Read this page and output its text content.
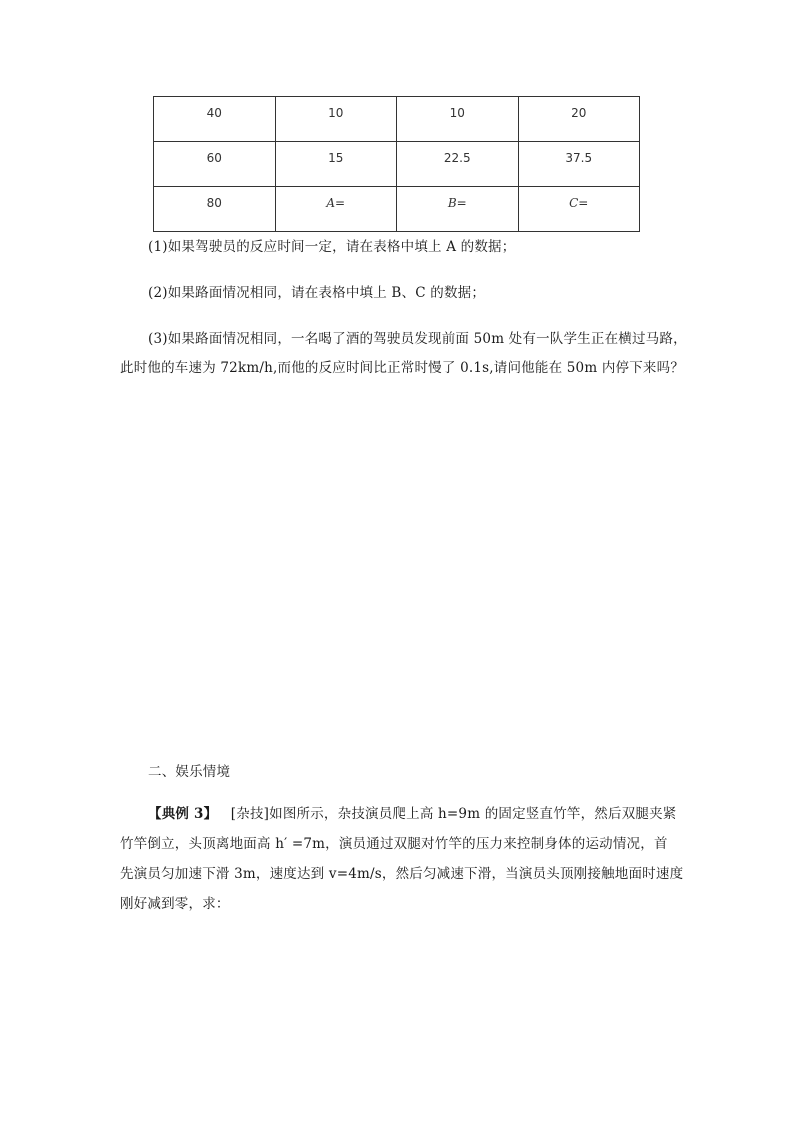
40	10	10	20
60	15	22.5	37.5
80	A=	B=	C=
(1)如果驾驶员的反应时间一定，请在表格中填上 A 的数据；
(2)如果路面情况相同，请在表格中填上 B、C 的数据；
(3)如果路面情况相同，一名喝了酒的驾驶员发现前面 50m 处有一队学生正在横过马路，
此时他的车速为 72km/h,而他的反应时间比正常时慢了 0.1s,请问他能在 50m 内停下来吗？
二、娱乐情境
【典例 3】 [杂技]如图所示，杂技演员爬上高 h=9m 的固定竖直竹竿，然后双腿夹紧
竹竿倒立，头顶离地面高 h′ =7m，演员通过双腿对竹竿的压力来控制身体的运动情况，首
先演员匀加速下滑 3m，速度达到 v=4m/s，然后匀减速下滑，当演员头顶刚接触地面时速度
刚好减到零，求：
